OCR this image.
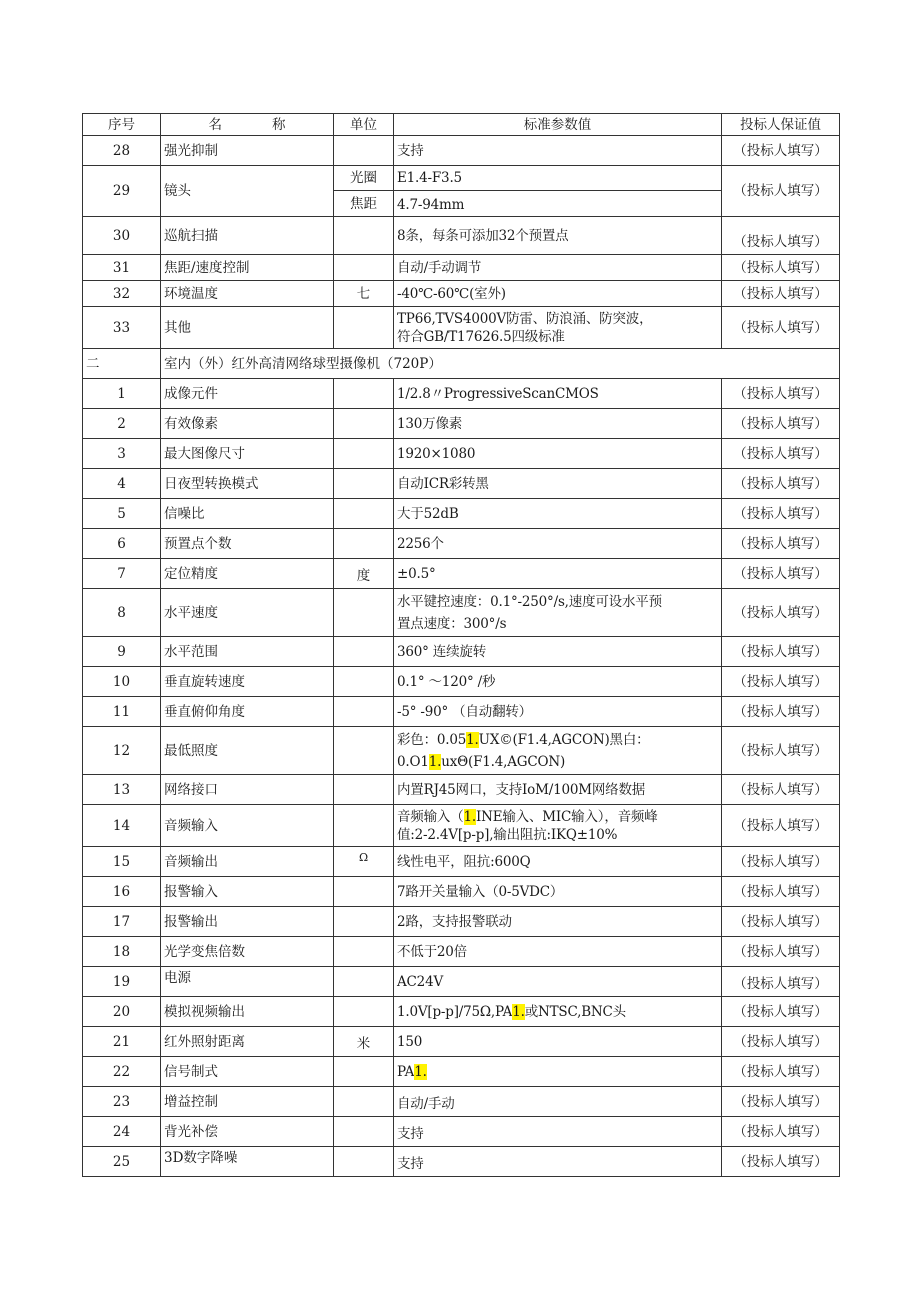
序号	名 称	单位	标准参数值	投标人保证值
28	强光抑制		支持	（投标人填写）
29	镜头	光圈	E1.4-F3.5	（投标人填写）
		焦距	4.7-94mm	
30	巡航扫描		8条，每条可添加32个预置点	（投标人填写）
31	焦距/速度控制		自动/手动调节	（投标人填写）
32	环境温度	七	-40℃-60℃(室外)	（投标人填写）
33	其他		TP66,TVS4000V防雷、防浪涌、防突波，
符合GB/T17626.5四级标准	（投标人填写）
二	室内（外）红外高清网络球型摄像机（720P）			
1	成像元件		1/2.8〃ProgressiveScanCMOS	（投标人填写）
2	有效像素		130万像素	（投标人填写）
3	最大图像尺寸		1920×1080	（投标人填写）
4	日夜型转换模式		自动ICR彩转黑	（投标人填写）
5	信噪比		大于52dB	（投标人填写）
6	预置点个数		2256个	（投标人填写）
7	定位精度	度	±0.5°	（投标人填写）
8	水平速度		水平键控速度：0.1°-250°/s,速度可设水平预
置点速度：300°/s	（投标人填写）
9	水平范围		360° 连续旋转	（投标人填写）
10	垂直旋转速度		0.1° ～120° /秒	（投标人填写）
11	垂直俯仰角度		-5° -90° （自动翻转）	（投标人填写）
12	最低照度		彩色：0.051.UX©(F1.4,AGCON)黑白：
0.O11.uxΘ(F1.4,AGCON)	（投标人填写）
13	网络接口		内置RJ45网口，支持IoM/100M网络数据	（投标人填写）
14	音频输入		音频输入（1.INE输入、MIC输入），音频峰
值:2-2.4V[p-p],输出阻抗:IKQ±10%	（投标人填写）
15	音频输出	Ω	线性电平，阻抗:600Q	（投标人填写）
16	报警输入		7路开关量输入（0-5VDC）	（投标人填写）
17	报警输出		2路，支持报警联动	（投标人填写）
18	光学变焦倍数		不低于20倍	（投标人填写）
19	电源		AC24V	（投标人填写）
20	模拟视频输出		1.0V[p-p]/75Ω,PA1.或NTSC,BNC头	（投标人填写）
21	红外照射距离	米	150	（投标人填写）
22	信号制式		PA1.	（投标人填写）
23	增益控制		自动/手动	（投标人填写）
24	背光补偿		支持	（投标人填写）
25	3D数字降噪		支持	（投标人填写）
